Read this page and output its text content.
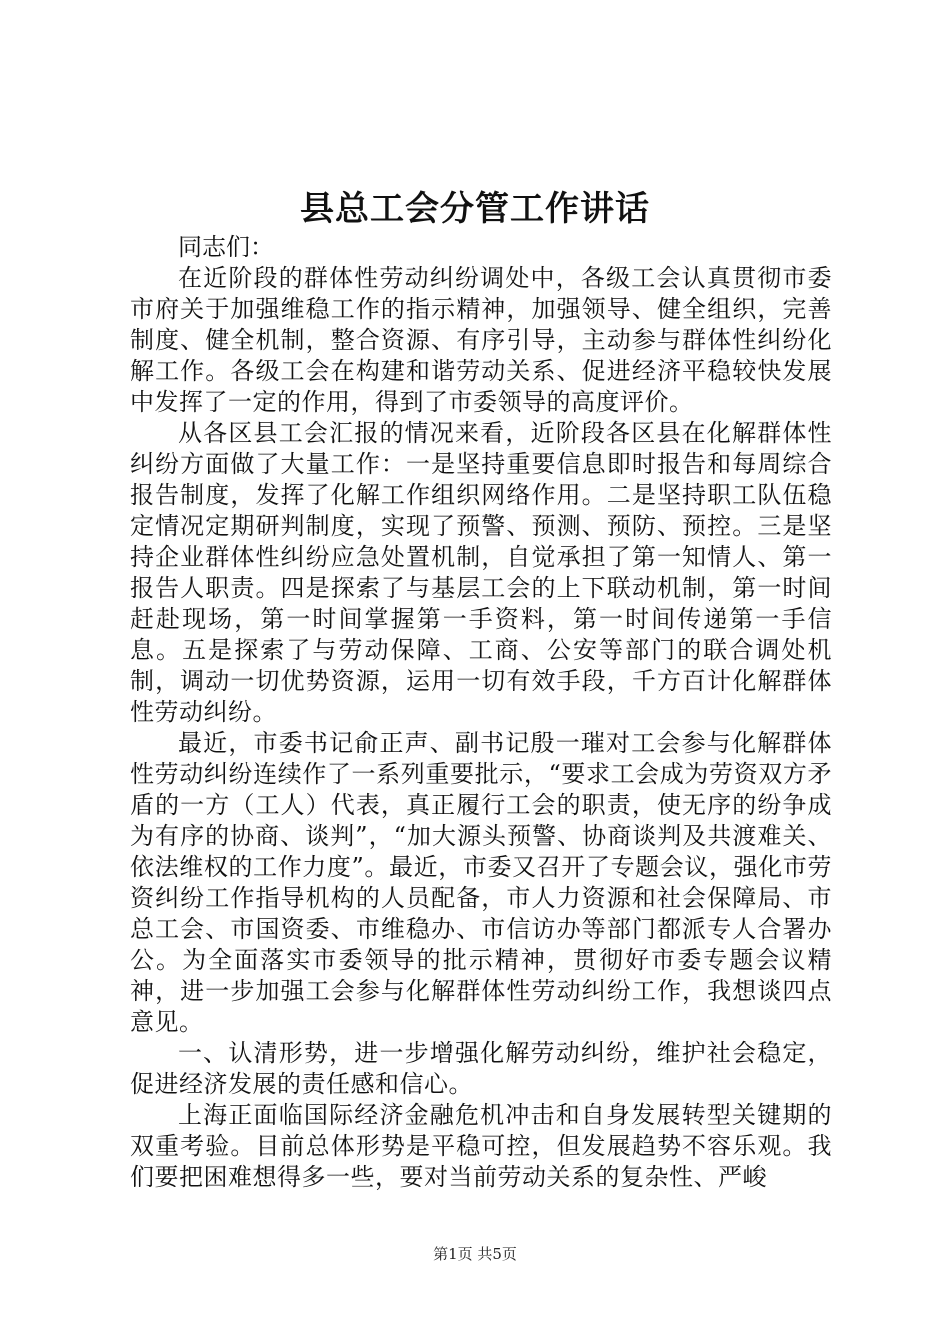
县总工会分管工作讲话

同志们：

在近阶段的群体性劳动纠纷调处中，各级工会认真贯彻市委市府关于加强维稳工作的指示精神，加强领导、健全组织，完善制度、健全机制，整合资源、有序引导，主动参与群体性纠纷化解工作。各级工会在构建和谐劳动关系、促进经济平稳较快发展中发挥了一定的作用，得到了市委领导的高度评价。

从各区县工会汇报的情况来看，近阶段各区县在化解群体性纠纷方面做了大量工作：一是坚持重要信息即时报告和每周综合报告制度，发挥了化解工作组织网络作用。二是坚持职工队伍稳定情况定期研判制度，实现了预警、预测、预防、预控。三是坚持企业群体性纠纷应急处置机制，自觉承担了第一知情人、第一报告人职责。四是探索了与基层工会的上下联动机制，第一时间赶赴现场，第一时间掌握第一手资料，第一时间传递第一手信息。五是探索了与劳动保障、工商、公安等部门的联合调处机制，调动一切优势资源，运用一切有效手段，千方百计化解群体性劳动纠纷。

最近，市委书记俞正声、副书记殷一璀对工会参与化解群体性劳动纠纷连续作了一系列重要批示，“要求工会成为劳资双方矛盾的一方（工人）代表，真正履行工会的职责，使无序的纷争成为有序的协商、谈判”，“加大源头预警、协商谈判及共渡难关、依法维权的工作力度”。最近，市委又召开了专题会议，强化市劳资纠纷工作指导机构的人员配备，市人力资源和社会保障局、市总工会、市国资委、市维稳办、市信访办等部门都派专人合署办公。为全面落实市委领导的批示精神，贯彻好市委专题会议精神，进一步加强工会参与化解群体性劳动纠纷工作，我想谈四点意见。

一、认清形势，进一步增强化解劳动纠纷，维护社会稳定，促进经济发展的责任感和信心。

上海正面临国际经济金融危机冲击和自身发展转型关键期的双重考验。目前总体形势是平稳可控，但发展趋势不容乐观。我们要把困难想得多一些，要对当前劳动关系的复杂性、严峻

第1页 共5页
